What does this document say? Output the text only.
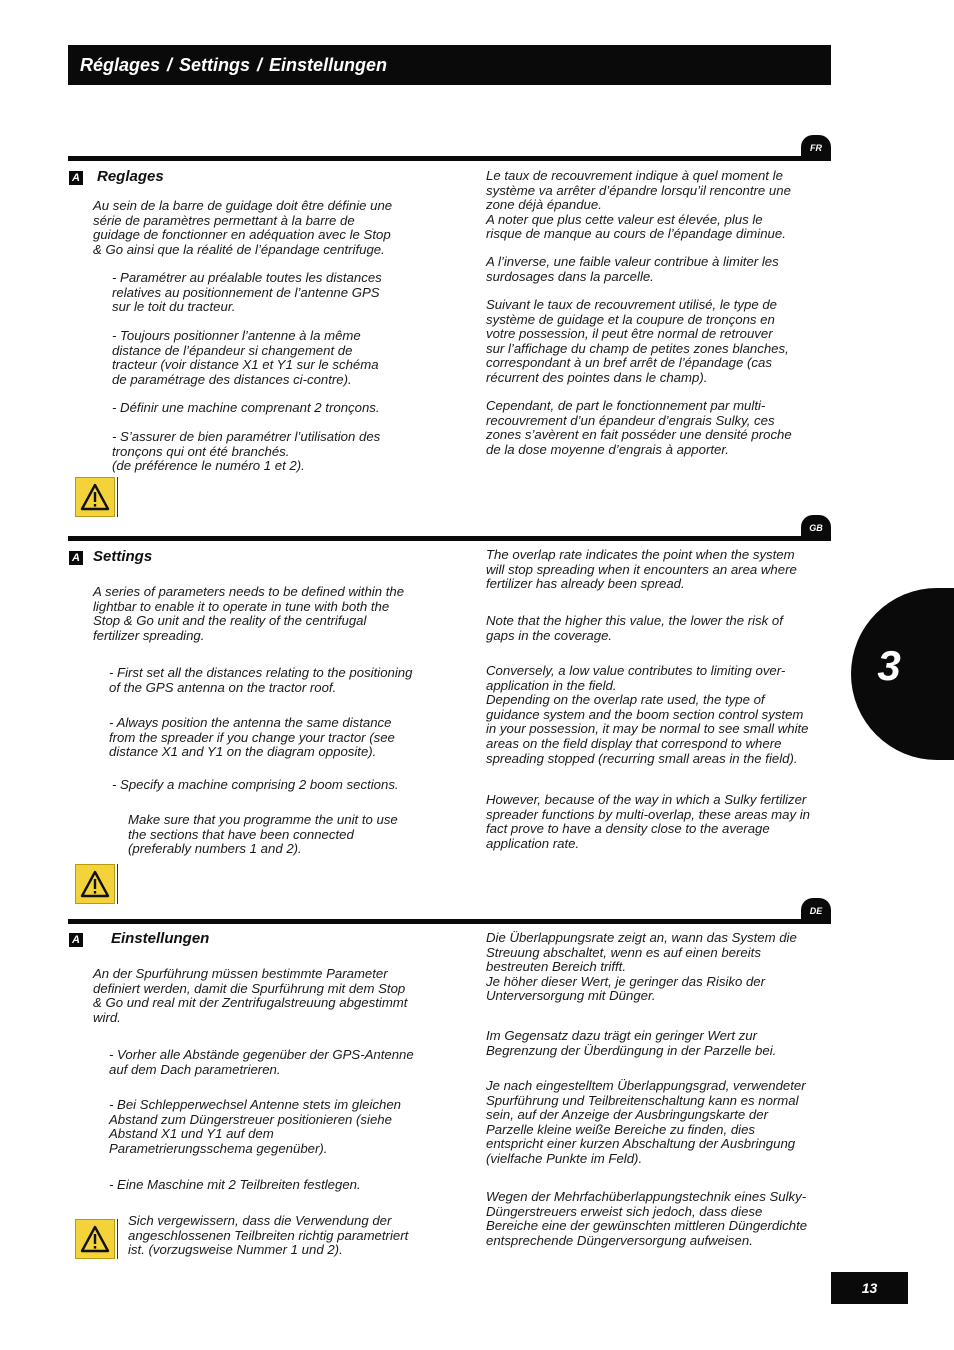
Réglages / Settings / Einstellungen
FR
A Reglages

Au sein de la barre de guidage doit être définie une
série de paramètres permettant à la barre de
guidage de fonctionner en adéquation avec le Stop
& Go ainsi que la réalité de l’épandage centrifuge.

- Paramétrer au préalable toutes les distances
relatives au positionnement de l’antenne GPS
sur le toit du tracteur.

- Toujours positionner l’antenne à la même
distance de l’épandeur si changement de
tracteur (voir distance X1 et Y1 sur le schéma
de paramétrage des distances ci-contre).

- Définir une machine comprenant 2 tronçons.

- S’assurer de bien paramétrer l’utilisation des
tronçons qui ont été branchés.
(de préférence le numéro 1 et 2).

Le taux de recouvrement indique à quel moment le
système va arrêter d’épandre lorsqu’il rencontre une
zone déjà épandue.
A noter que plus cette valeur est élevée, plus le
risque de manque au cours de l’épandage diminue.

A l’inverse, une faible valeur contribue à limiter les
surdosages dans la parcelle.

Suivant le taux de recouvrement utilisé, le type de
système de guidage et la coupure de tronçons en
votre possession, il peut être normal de retrouver
sur l’affichage du champ de petites zones blanches,
correspondant à un bref arrêt de l’épandage (cas
récurrent des pointes dans le champ).

Cependant, de part le fonctionnement par multi-
recouvrement d’un épandeur d’engrais Sulky, ces
zones s’avèrent en fait posséder une densité proche
de la dose moyenne d’engrais à apporter.

GB
A Settings

A series of parameters needs to be defined within the
lightbar to enable it to operate in tune with both the
Stop & Go unit and the reality of the centrifugal
fertilizer spreading.

- First set all the distances relating to the positioning
of the GPS antenna on the tractor roof.

- Always position the antenna the same distance
from the spreader if you change your tractor (see
distance X1 and Y1 on the diagram opposite).

- Specify a machine comprising 2 boom sections.

Make sure that you programme the unit to use
the sections that have been connected
(preferably numbers 1 and 2).

The overlap rate indicates the point when the system
will stop spreading when it encounters an area where
fertilizer has already been spread.

Note that the higher this value, the lower the risk of
gaps in the coverage.

Conversely, a low value contributes to limiting over-
application in the field.
Depending on the overlap rate used, the type of
guidance system and the boom section control system
in your possession, it may be normal to see small white
areas on the field display that correspond to where
spreading stopped (recurring small areas in the field).

However, because of the way in which a Sulky fertilizer
spreader functions by multi-overlap, these areas may in
fact prove to have a density close to the average
application rate.

DE
A Einstellungen

An der Spurführung müssen bestimmte Parameter
definiert werden, damit die Spurführung mit dem Stop
& Go und real mit der Zentrifugalstreuung abgestimmt
wird.

- Vorher alle Abstände gegenüber der GPS-Antenne
auf dem Dach parametrieren.

- Bei Schlepperwechsel Antenne stets im gleichen
Abstand zum Düngerstreuer positionieren (siehe
Abstand X1 und Y1 auf dem
Parametrierungsschema gegenüber).

- Eine Maschine mit 2 Teilbreiten festlegen.

Sich vergewissern, dass die Verwendung der
angeschlossenen Teilbreiten richtig parametriert
ist. (vorzugsweise Nummer 1 und 2).

Die Überlappungsrate zeigt an, wann das System die
Streuung abschaltet, wenn es auf einen bereits
bestreuten Bereich trifft.
Je höher dieser Wert, je geringer das Risiko der
Unterversorgung mit Dünger.

Im Gegensatz dazu trägt ein geringer Wert zur
Begrenzung der Überdüngung in der Parzelle bei.

Je nach eingestelltem Überlappungsgrad, verwendeter
Spurführung und Teilbreitenschaltung kann es normal
sein, auf der Anzeige der Ausbringungskarte der
Parzelle kleine weiße Bereiche zu finden, dies
entspricht einer kurzen Abschaltung der Ausbringung
(vielfache Punkte im Feld).

Wegen der Mehrfachüberlappungstechnik eines Sulky-
Düngerstreuers erweist sich jedoch, dass diese
Bereiche eine der gewünschten mittleren Düngerdichte
entsprechende Düngerversorgung aufweisen.

3
13
